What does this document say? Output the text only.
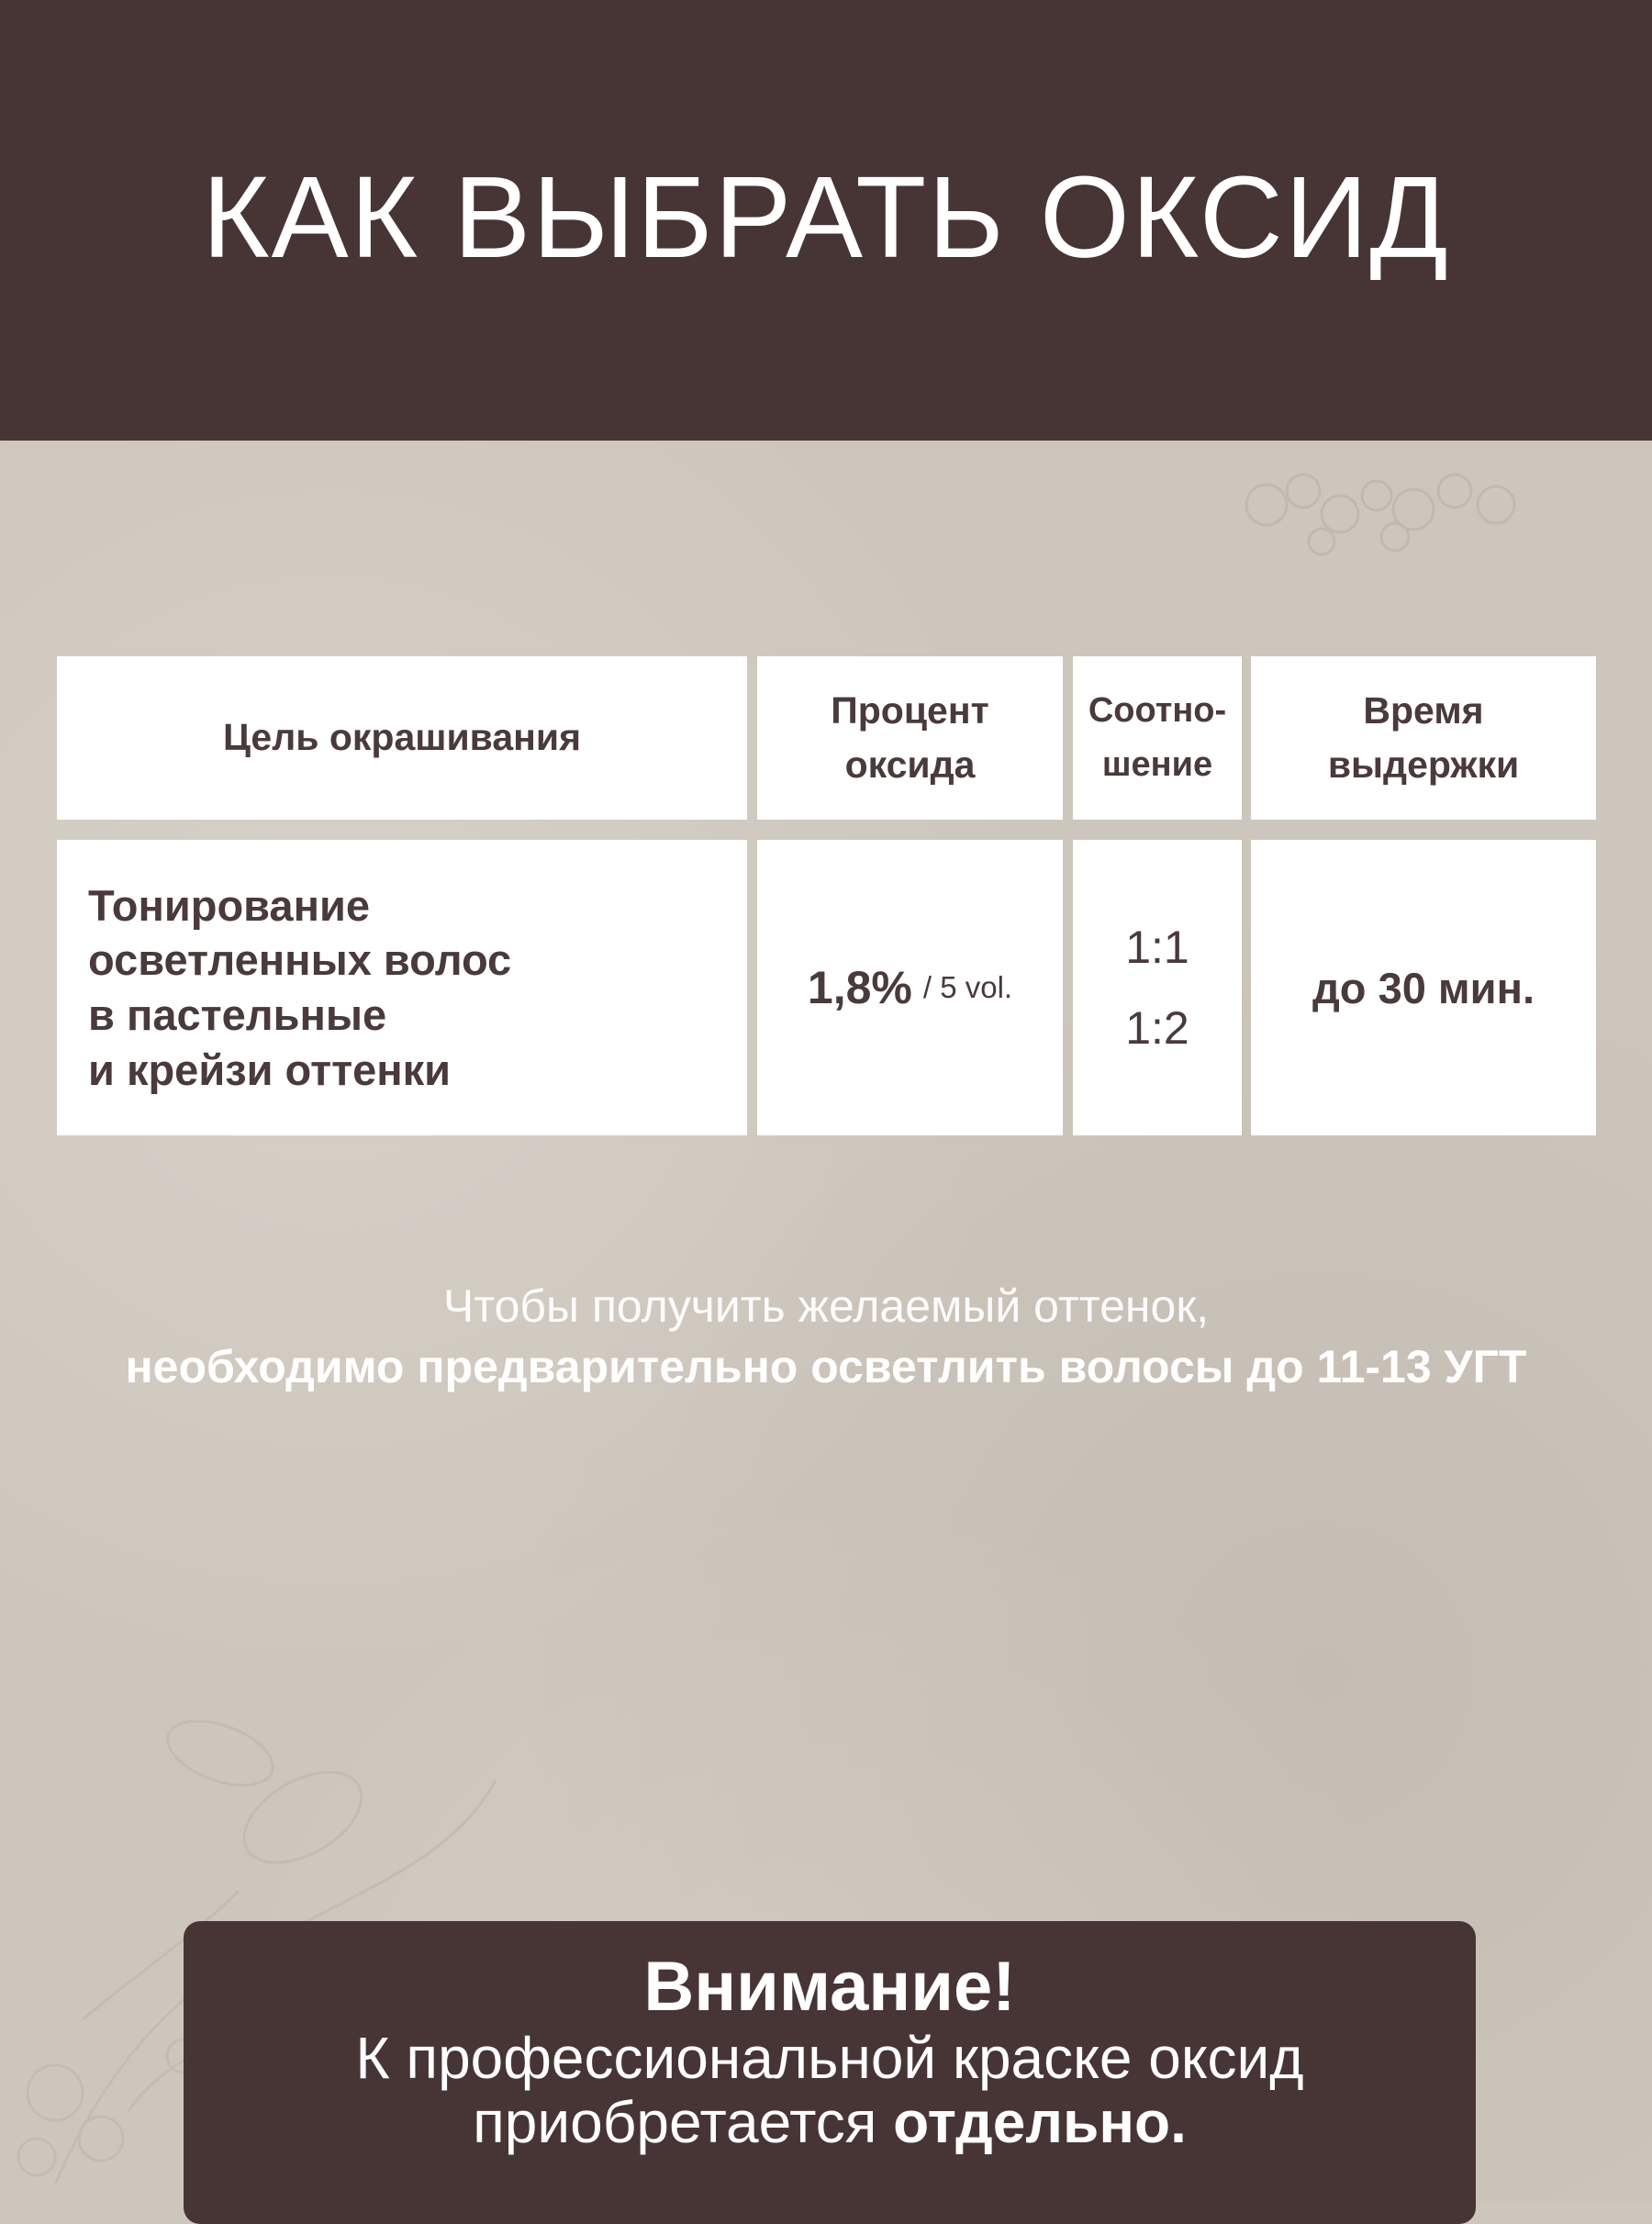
КАК ВЫБРАТЬ ОКСИД
Цель окрашивания
Процент
оксида
Соотно-
шение
Время
выдержки
Тонирование
осветленных волос
в пастельные
и крейзи оттенки
1,8% / 5 vol.
1:1
1:2
до 30 мин.
Чтобы получить желаемый оттенок,
необходимо предварительно осветлить волосы до 11-13 УГТ
Внимание!
К профессиональной краске оксид
приобретается отдельно.
